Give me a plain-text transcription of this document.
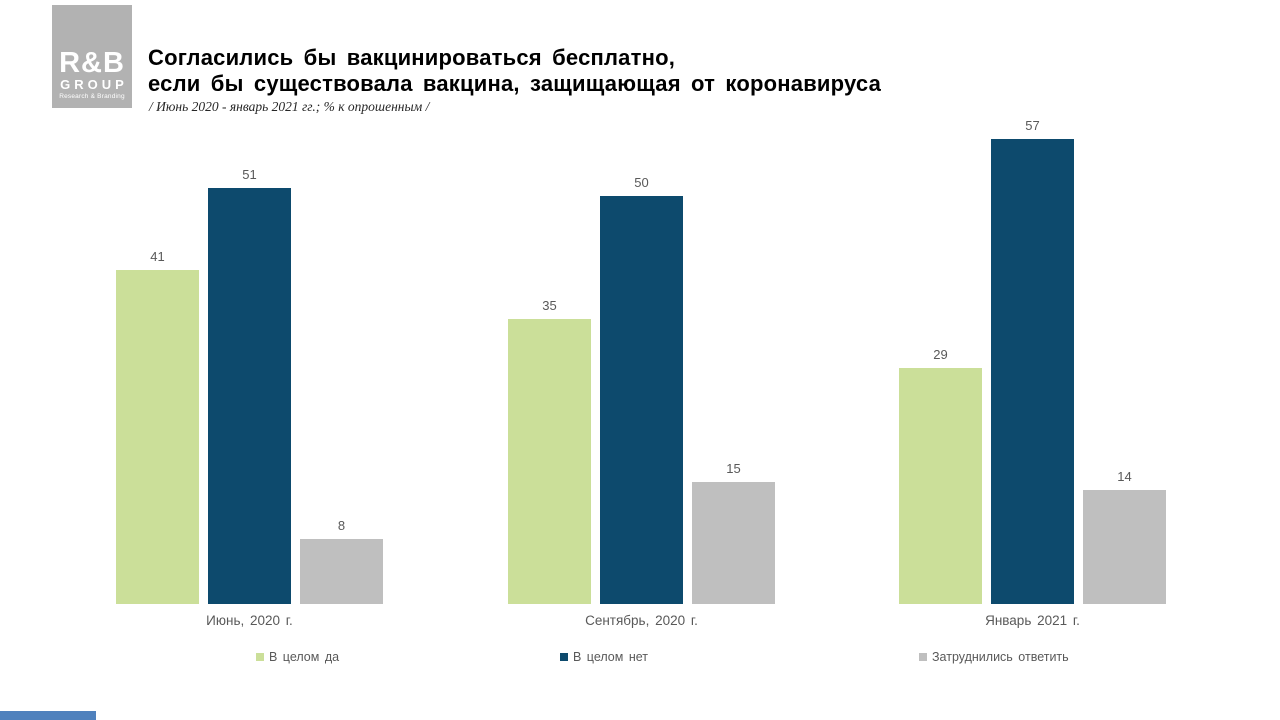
R&B
GROUP
Research & Branding
Согласились бы вакцинироваться бесплатно,
если бы существовала вакцина, защищающая от коронавируса
/ Июнь 2020 - январь 2021 гг.; % к опрошенным /
41
51
8
Июнь, 2020 г.
35
50
15
Сентябрь, 2020 г.
29
57
14
Январь 2021 г.
В целом да	В целом нет	Затруднились ответить
